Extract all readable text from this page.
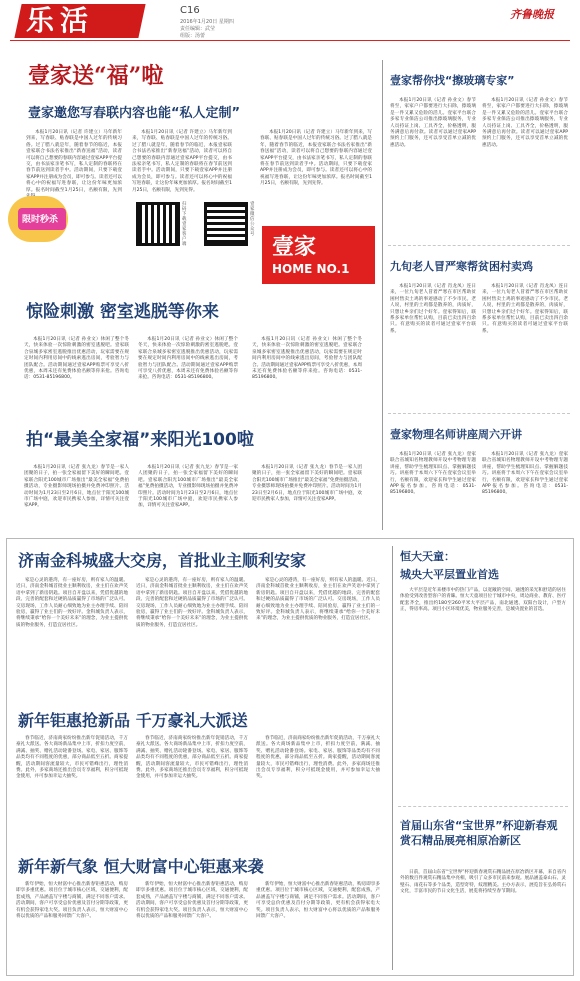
乐活	C16
2016年1月20日 星期四
责任编辑：武莹
组版：汤蕾
齐鲁晚报
壹家送“福”啦
壹家邀您写春联内容也能“私人定制”

本报1月20日讯（记者 许建立）马年新年到来，写春联、贴春联是中国人过年的传统习俗。过了腊八就是年，随着春节的临近，本报壹家联合书法名家推出“新春送福”活动，读者可以将自己想要的春联内容通过壹家APP平台提交，由书法家亲笔书写，私人定制的春联将在春节前送到读者手中。活动期间，只要下载壹家APP并注册成为会员，即可参与。读者还可以将心中的祝福写进春联，让这份年味更加浓厚。报名时间截至1月25日，名额有限，先到

本报1月20日讯（记者 许建立）马年新年到来，写春联、贴春联是中国人过年的传统习俗。过了腊八就是年，随着春节的临近，本报壹家联合书法名家推出“新春送福”活动，读者可以将自己想要的春联内容通过壹家APP平台提交，由书法家亲笔书写，私人定制的春联将在春节前送到读者手中。活动期间，只要下载壹家APP并注册成为会员，即可参与。读者还可以将心中的祝福写进春联，让这份年味更加浓厚。报名时间截至1月25日，名额有限，先到先得。

本报1月20日讯（记者 许建立）马年新年到来，写春联、贴春联是中国人过年的传统习俗。过了腊八就是年，随着春节的临近，本报壹家联合书法名家推出“新春送福”活动，读者可以将自己想要的春联内容通过壹家APP平台提交，由书法家亲笔书写，私人定制的春联将在春节前送到读者手中。活动期间，只要下载壹家APP并注册成为会员，即可参与。读者还可以将心中的祝福写进春联，让这份年味更加浓厚。报名时间截至1月25日，名额有限，先到先得。

限时秒杀
扫码下载壹家客户端
壹家微信公众号 壹家
HOME NO.1
惊险刺激 密室逃脱等你来

本报1月20日讯（记者 孙业文）休闲了整个冬天，快来体验一次惊险刺激的密室逃脱吧。壹家联合泉城多家密室逃脱推出优惠活动，玩家需要在规定时间内利用房间中的线索逃出房间，考验智力与团队配合。活动期间通过壹家APP购票可享受八折优惠，本周末还有免费体验名额等你来抢。咨询电话：0531-85196800。

本报1月20日讯（记者 孙业文）休闲了整个冬天，快来体验一次惊险刺激的密室逃脱吧。壹家联合泉城多家密室逃脱推出优惠活动，玩家需要在规定时间内利用房间中的线索逃出房间，考验智力与团队配合。活动期间通过壹家APP购票可享受八折优惠，本周末还有免费体验名额等你来抢。咨询电话：0531-85196800。

本报1月20日讯（记者 孙业文）休闲了整个冬天，快来体验一次惊险刺激的密室逃脱吧。壹家联合泉城多家密室逃脱推出优惠活动，玩家需要在规定时间内利用房间中的线索逃出房间，考验智力与团队配合。活动期间通过壹家APP购票可享受八折优惠，本周末还有免费体验名额等你来抢。咨询电话：0531-85196800。

拍“最美全家福”来阳光100啦

本报1月20日讯（记者 张九龙）春节是一家人团聚的日子，拍一张全家福留下美好的瞬间吧。壹家联合阳光100城市广场推出“最美全家福”免费拍摄活动，专业摄影师现场拍摄并免费冲印照片。活动时间为1月23日至2月6日，地点位于阳光100城市广场中庭，欢迎市民携家人参加，详情可关注壹家APP。

本报1月20日讯（记者 张九龙）春节是一家人团聚的日子，拍一张全家福留下美好的瞬间吧。壹家联合阳光100城市广场推出“最美全家福”免费拍摄活动，专业摄影师现场拍摄并免费冲印照片。活动时间为1月23日至2月6日，地点位于阳光100城市广场中庭，欢迎市民携家人参加，详情可关注壹家APP。

本报1月20日讯（记者 张九龙）春节是一家人团聚的日子，拍一张全家福留下美好的瞬间吧。壹家联合阳光100城市广场推出“最美全家福”免费拍摄活动，专业摄影师现场拍摄并免费冲印照片。活动时间为1月23日至2月6日，地点位于阳光100城市广场中庭，欢迎市民携家人参加，详情可关注壹家APP。

壹家帮你找“擦玻璃专家”

本报1月20日讯（记者 孙业文）春节将至，家家户户都要进行大扫除，擦玻璃是一件又累又危险的活儿。壹家平台联合多家专业保洁公司推出擦玻璃服务，专业人员持证上岗、工具齐全，价格透明，服务满意后再付款。读者可以通过壹家APP预约上门服务，还可以享受首单立减的优惠活动。

本报1月20日讯（记者 孙业文）春节将至，家家户户都要进行大扫除，擦玻璃是一件又累又危险的活儿。壹家平台联合多家专业保洁公司推出擦玻璃服务，专业人员持证上岗、工具齐全，价格透明，服务满意后再付款。读者可以通过壹家APP预约上门服务，还可以享受首单立减的优惠活动。

九旬老人冒严寒帮贫困村卖鸡

本报1月20日讯（记者 肖龙凤）连日来，一位九旬老人冒着严寒在市区帮助贫困村售卖土鸡的事迹感动了不少市民。老人说，村里的土鸡都是散养的，肉质好，只想让乡亲们过个好年。壹家得知后，联系多家单位帮忙认购，目前已卖出四百余只。有意购买的读者可通过壹家平台联系。

本报1月20日讯（记者 肖龙凤）连日来，一位九旬老人冒着严寒在市区帮助贫困村售卖土鸡的事迹感动了不少市民。老人说，村里的土鸡都是散养的，肉质好，只想让乡亲们过个好年。壹家得知后，联系多家单位帮忙认购，目前已卖出四百余只。有意购买的读者可通过壹家平台联系。

壹家物理名师讲座周六开讲

本报1月20日讯（记者 张九龙）壹家联合省城知名物理教师开设中考物理专题讲座，帮助学生梳理知识点、掌握解题技巧。讲座将于本周六下午在壹家会议室举行，名额有限，欢迎家长和学生通过壹家APP报名参加。咨询电话：0531-85196800。

本报1月20日讯（记者 张九龙）壹家联合省城知名物理教师开设中考物理专题讲座，帮助学生梳理知识点、掌握解题技巧。讲座将于本周六下午在壹家会议室举行，名额有限，欢迎家长和学生通过壹家APP报名参加。咨询电话：0531-85196800。

济南金科城盛大交房，首批业主顺利安家

家是心灵的港湾，有一座好房，则有家人的温暖。近日，济南金科城首批业主顺利收房，业主们在欢声笑语中拿到了新房钥匙。项目自开盘以来，凭借优越的地段、完善的配套和过硬的品质赢得了市场的广泛认可。交房现场，工作人员耐心细致地为业主办理手续、陪同验房，赢得了业主们的一致好评。金科城负责人表示，将继续秉承“给你一个美好未来”的理念，为业主提供优质的物业服务，打造宜居社区。

家是心灵的港湾，有一座好房，则有家人的温暖。近日，济南金科城首批业主顺利收房，业主们在欢声笑语中拿到了新房钥匙。项目自开盘以来，凭借优越的地段、完善的配套和过硬的品质赢得了市场的广泛认可。交房现场，工作人员耐心细致地为业主办理手续、陪同验房，赢得了业主们的一致好评。金科城负责人表示，将继续秉承“给你一个美好未来”的理念，为业主提供优质的物业服务，打造宜居社区。

家是心灵的港湾，有一座好房，则有家人的温暖。近日，济南金科城首批业主顺利收房，业主们在欢声笑语中拿到了新房钥匙。项目自开盘以来，凭借优越的地段、完善的配套和过硬的品质赢得了市场的广泛认可。交房现场，工作人员耐心细致地为业主办理手续、陪同验房，赢得了业主们的一致好评。金科城负责人表示，将继续秉承“给你一个美好未来”的理念，为业主提供优质的物业服务，打造宜居社区。

新年钜惠抢新品 千万豪礼大派送

春节临近，济南商家纷纷推出新年促销活动，千万豪礼大派送。各大商场新品集中上市，折扣力度空前，满减、抽奖、赠礼活动轮番登场。家电、家居、服饰等品类均有不同程度的优惠，部分商品低至五折。商家提醒，活动期间客流量较大，市民可错峰出行，理性消费。此外，多家商场还推出会员专享福利，积分可抵现金使用，并可参加幸运大抽奖。

春节临近，济南商家纷纷推出新年促销活动，千万豪礼大派送。各大商场新品集中上市，折扣力度空前，满减、抽奖、赠礼活动轮番登场。家电、家居、服饰等品类均有不同程度的优惠，部分商品低至五折。商家提醒，活动期间客流量较大，市民可错峰出行，理性消费。此外，多家商场还推出会员专享福利，积分可抵现金使用，并可参加幸运大抽奖。

春节临近，济南商家纷纷推出新年促销活动，千万豪礼大派送。各大商场新品集中上市，折扣力度空前，满减、抽奖、赠礼活动轮番登场。家电、家居、服饰等品类均有不同程度的优惠，部分商品低至五折。商家提醒，活动期间客流量较大，市民可错峰出行，理性消费。此外，多家商场还推出会员专享福利，积分可抵现金使用，并可参加幸运大抽奖。

新年新气象 恒大财富中心钜惠来袭

新年伊始，恒大财富中心推出新春钜惠活动，购房即享多重优惠。项目位于城市核心区域，交通便利，配套成熟，产品涵盖写字楼与商铺，满足不同客户需求。活动期间，客户可享受总价优惠及首付分期等政策，更有机会获得家电大奖。项目负责人表示，恒大财富中心将以优质的产品和服务回馈广大客户。

新年伊始，恒大财富中心推出新春钜惠活动，购房即享多重优惠。项目位于城市核心区域，交通便利，配套成熟，产品涵盖写字楼与商铺，满足不同客户需求。活动期间，客户可享受总价优惠及首付分期等政策，更有机会获得家电大奖。项目负责人表示，恒大财富中心将以优质的产品和服务回馈广大客户。

新年伊始，恒大财富中心推出新春钜惠活动，购房即享多重优惠。项目位于城市核心区域，交通便利，配套成熟，产品涵盖写字楼与商铺，满足不同客户需求。活动期间，客户可享受总价优惠及首付分期等政策，更有机会获得家电大奖。项目负责人表示，恒大财富中心将以优质的产品和服务回馈广大客户。

恒大天童：
城央大平层置业首选

大平层是近年来楼市中的热门产品，以宽敞的空间、通透的采光和舒适的居住体验受到改善型客户的青睐。恒大天童项目位于城市中央，周边商业、教育、医疗配套齐全，推出约180至260平米大平层产品，南北通透、双阳台设计，户型方正，得房率高。项目小区环境优美，物业服务完善，是城央置业的首选。

首届山东省“宝世界”杯迎新春观赏石精品展亮相原冶新区

日前，首届山东省“宝世界”杯迎新春观赏石精品展在原冶新区开幕，来自省内外的数百件观赏石精品集中亮相，吸引了众多市民前来参观。展品涵盖泰山石、灵璧石、雨花石等多个品类，造型奇特，纹理精美。主办方表示，展览旨在弘扬赏石文化，丰富市民的节日文化生活，展览将持续至春节期间。
